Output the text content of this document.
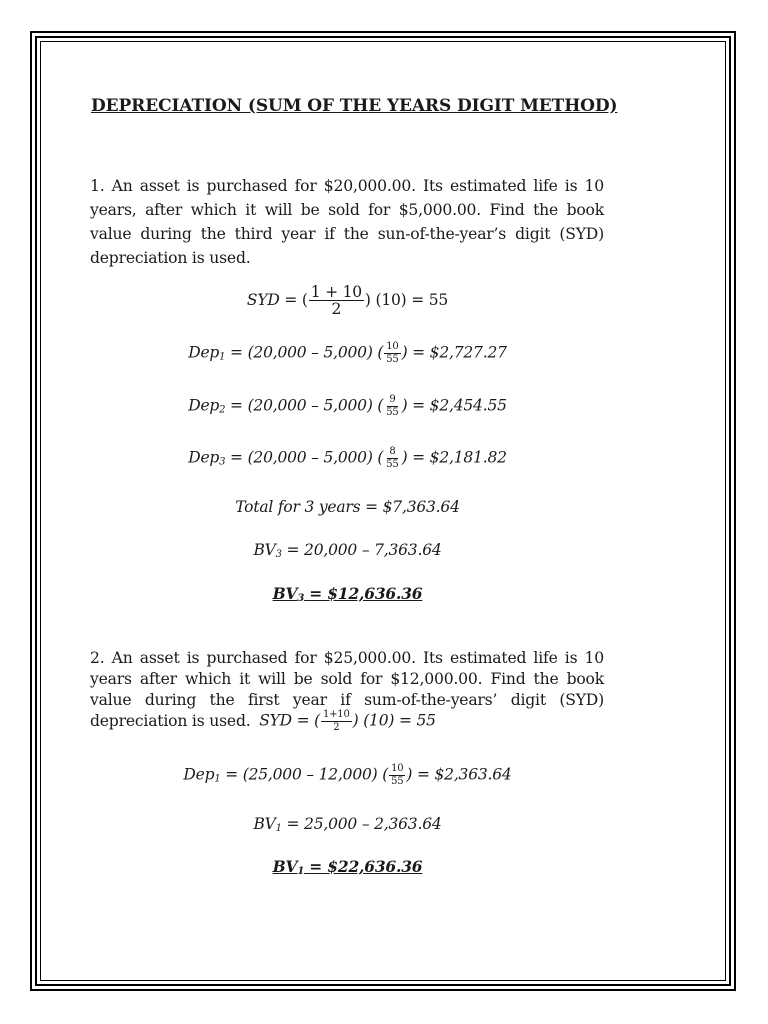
DEPRECIATION (SUM OF THE YEARS DIGIT METHOD)
1. An asset is purchased for $20,000.00. Its estimated life is 10 years, after which it will be sold for $5,000.00. Find the book value during the third year if the sun-of-the-year’s digit (SYD) depreciation is used.
SYD = ( $\frac{1 + 10}{2}$ ) (10) = 55
Dep$_1$ = (20,000 – 5,000) ( $\frac{10}{55}$ ) = $2,727.27
Dep$_2$ = (20,000 – 5,000) ( $\frac{9}{55}$ ) = $2,454.55
Dep$_3$ = (20,000 – 5,000) ( $\frac{8}{55}$ ) = $2,181.82
Total for 3 years = $7,363.64
$BV_3 = 20,000 - 7,363.64$
$BV_3$ = $12,636.36
2. An asset is purchased for $25,000.00. Its estimated life is 10 years after which it will be sold for $12,000.00. Find the book value during the first year if sum-of-the-years’ digit (SYD) depreciation is used. SYD = ( $\frac{1+10}{2}$ ) (10) = 55
Dep$_1$ = (25,000 – 12,000) ( $\frac{10}{55}$ ) = $2,363.64
$BV_1 = 25,000 - 2,363.64$
$BV_1$ = $22,636.36
